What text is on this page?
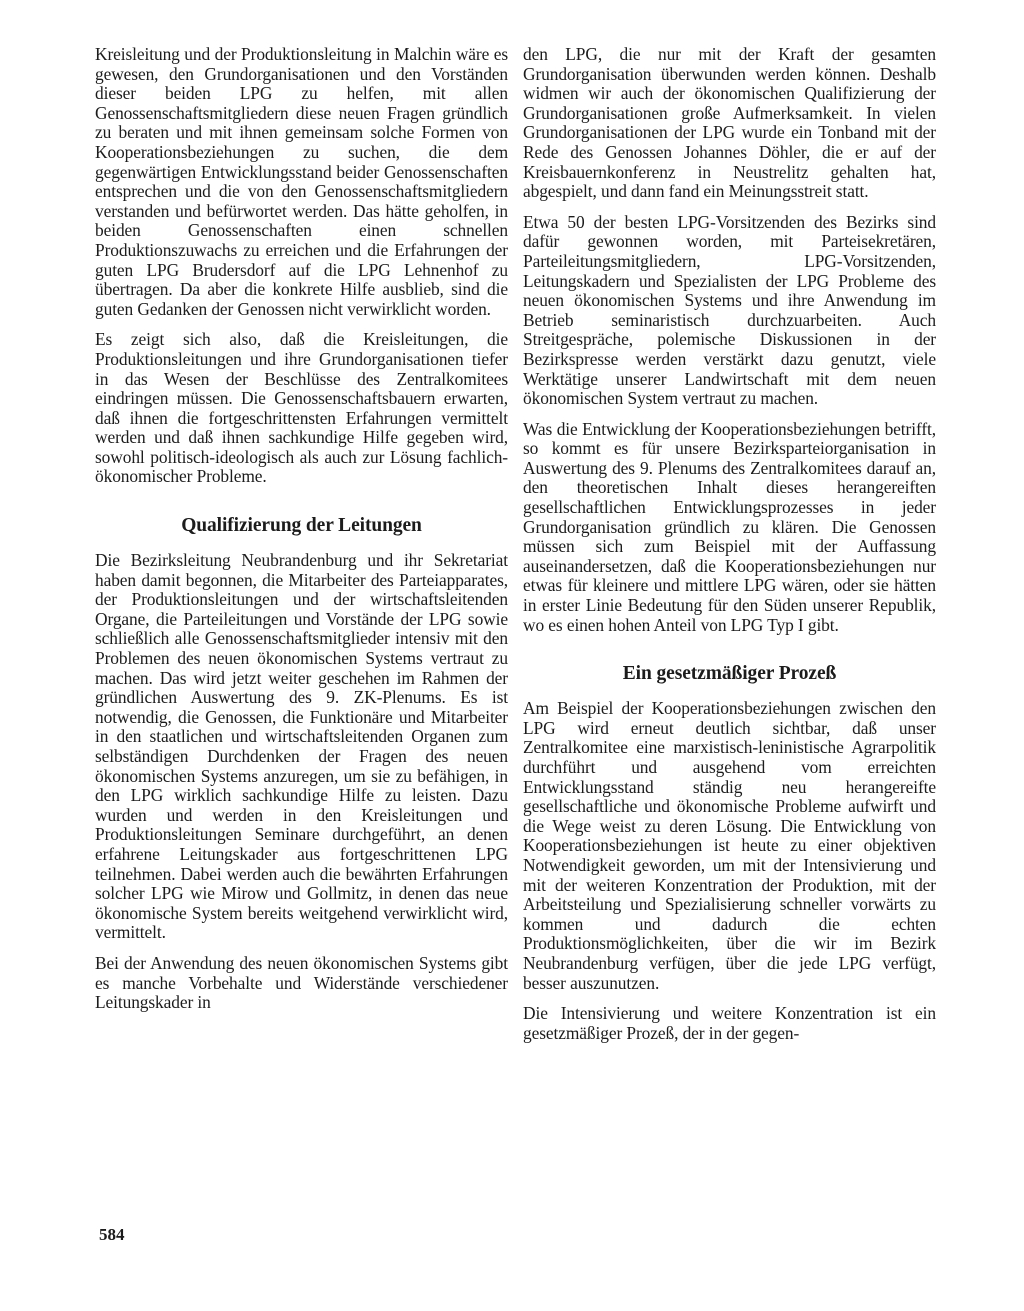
Kreisleitung und der Produktionsleitung in Malchin wäre es gewesen, den Grundorganisationen und den Vorständen dieser beiden LPG zu helfen, mit allen Genossenschaftsmitgliedern diese neuen Fragen gründlich zu beraten und mit ihnen gemeinsam solche Formen von Kooperationsbeziehungen zu suchen, die dem gegenwärtigen Entwicklungsstand beider Genossenschaften entsprechen und die von den Genossenschaftsmitgliedern verstanden und befürwortet werden. Das hätte geholfen, in beiden Genossenschaften einen schnellen Produktionszuwachs zu erreichen und die Erfahrungen der guten LPG Brudersdorf auf die LPG Lehnenhof zu übertragen. Da aber die konkrete Hilfe ausblieb, sind die guten Gedanken der Genossen nicht verwirklicht worden.

Es zeigt sich also, daß die Kreisleitungen, die Produktionsleitungen und ihre Grundorganisationen tiefer in das Wesen der Beschlüsse des Zentralkomitees eindringen müssen. Die Genossenschaftsbauern erwarten, daß ihnen die fortgeschrittensten Erfahrungen vermittelt werden und daß ihnen sachkundige Hilfe gegeben wird, sowohl politisch-ideologisch als auch zur Lösung fachlich-ökonomischer Probleme.

Qualifizierung der Leitungen

Die Bezirksleitung Neubrandenburg und ihr Sekretariat haben damit begonnen, die Mitarbeiter des Parteiapparates, der Produktionsleitungen und der wirtschaftsleitenden Organe, die Parteileitungen und Vorstände der LPG sowie schließlich alle Genossenschaftsmitglieder intensiv mit den Problemen des neuen ökonomischen Systems vertraut zu machen. Das wird jetzt weiter geschehen im Rahmen der gründlichen Auswertung des 9. ZK-Plenums. Es ist notwendig, die Genossen, die Funktionäre und Mitarbeiter in den staatlichen und wirtschaftsleitenden Organen zum selbständigen Durchdenken der Fragen des neuen ökonomischen Systems anzuregen, um sie zu befähigen, in den LPG wirklich sachkundige Hilfe zu leisten. Dazu wurden und werden in den Kreisleitungen und Produktionsleitungen Seminare durchgeführt, an denen erfahrene Leitungskader aus fortgeschrittenen LPG teilnehmen. Dabei werden auch die bewährten Erfahrungen solcher LPG wie Mirow und Gollmitz, in denen das neue ökonomische System bereits weitgehend verwirklicht wird, vermittelt.

Bei der Anwendung des neuen ökonomischen Systems gibt es manche Vorbehalte und Widerstände verschiedener Leitungskader in

den LPG, die nur mit der Kraft der gesamten Grundorganisation überwunden werden können. Deshalb widmen wir auch der ökonomischen Qualifizierung der Grundorganisationen große Aufmerksamkeit. In vielen Grundorganisationen der LPG wurde ein Tonband mit der Rede des Genossen Johannes Döhler, die er auf der Kreisbauernkonferenz in Neustrelitz gehalten hat, abgespielt, und dann fand ein Meinungsstreit statt.

Etwa 50 der besten LPG-Vorsitzenden des Bezirks sind dafür gewonnen worden, mit Parteisekretären, Parteileitungsmitgliedern, LPG-Vorsitzenden, Leitungskadern und Spezialisten der LPG Probleme des neuen ökonomischen Systems und ihre Anwendung im Betrieb seminaristisch durchzuarbeiten. Auch Streitgespräche, polemische Diskussionen in der Bezirkspresse werden verstärkt dazu genutzt, viele Werktätige unserer Landwirtschaft mit dem neuen ökonomischen System vertraut zu machen.

Was die Entwicklung der Kooperationsbeziehungen betrifft, so kommt es für unsere Bezirksparteiorganisation in Auswertung des 9. Plenums des Zentralkomitees darauf an, den theoretischen Inhalt dieses herangereiften gesellschaftlichen Entwicklungsprozesses in jeder Grundorganisation gründlich zu klären. Die Genossen müssen sich zum Beispiel mit der Auffassung auseinandersetzen, daß die Kooperationsbeziehungen nur etwas für kleinere und mittlere LPG wären, oder sie hätten in erster Linie Bedeutung für den Süden unserer Republik, wo es einen hohen Anteil von LPG Typ I gibt.

Ein gesetzmäßiger Prozeß

Am Beispiel der Kooperationsbeziehungen zwischen den LPG wird erneut deutlich sichtbar, daß unser Zentralkomitee eine marxistisch-leninistische Agrarpolitik durchführt und ausgehend vom erreichten Entwicklungsstand ständig neu herangereifte gesellschaftliche und ökonomische Probleme aufwirft und die Wege weist zu deren Lösung. Die Entwicklung von Kooperationsbeziehungen ist heute zu einer objektiven Notwendigkeit geworden, um mit der Intensivierung und mit der weiteren Konzentration der Produktion, mit der Arbeitsteilung und Spezialisierung schneller vorwärts zu kommen und dadurch die echten Produktionsmöglichkeiten, über die wir im Bezirk Neubrandenburg verfügen, über die jede LPG verfügt, besser auszunutzen.

Die Intensivierung und weitere Konzentration ist ein gesetzmäßiger Prozeß, der in der gegen-

584
